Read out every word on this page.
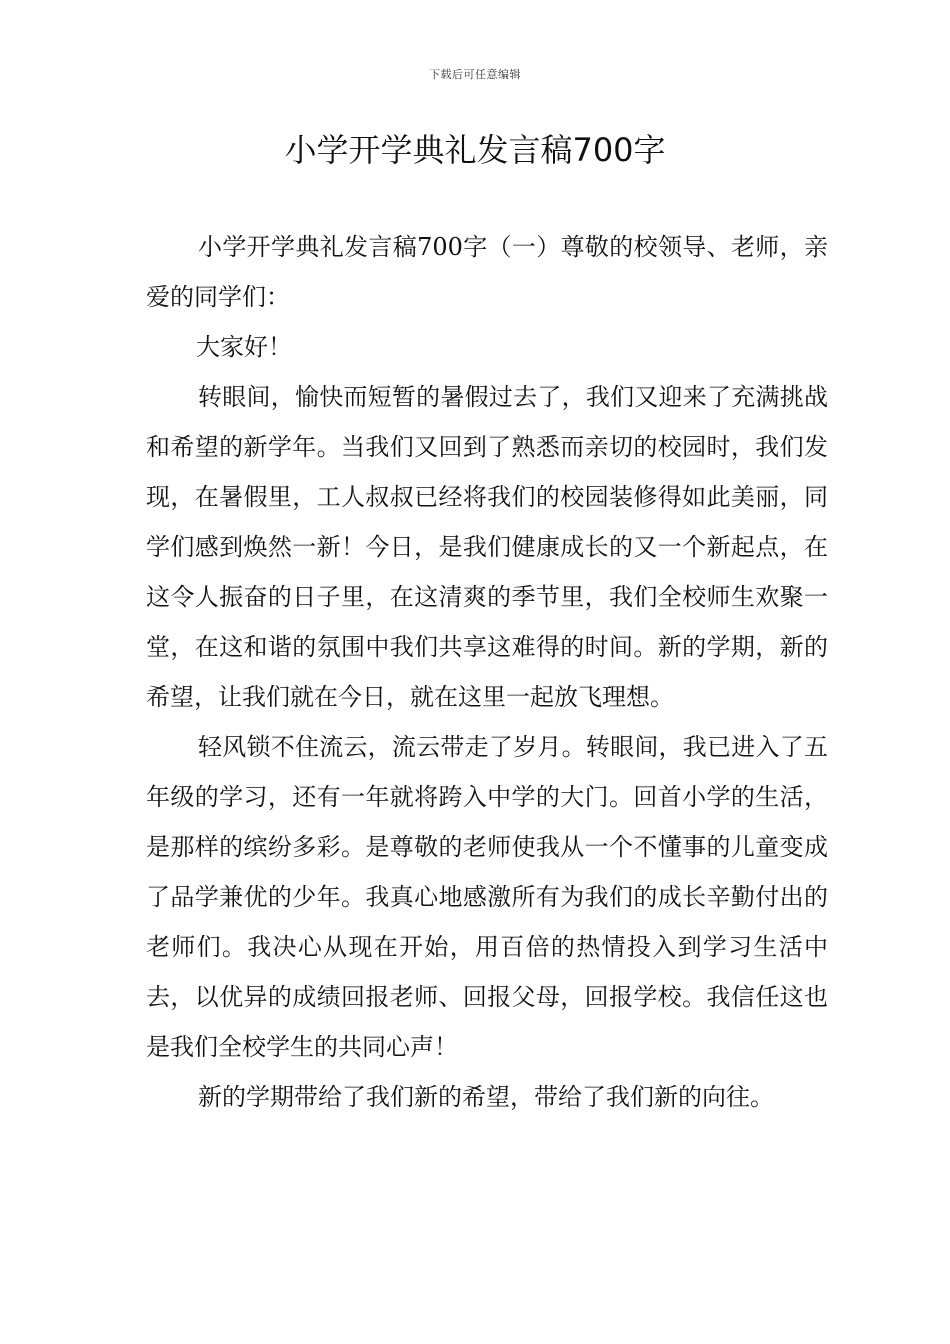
下载后可任意编辑
小学开学典礼发言稿700字

小学开学典礼发言稿700字（一）尊敬的校领导、老师，亲爱的同学们：

大家好！

转眼间，愉快而短暂的暑假过去了，我们又迎来了充满挑战和希望的新学年。当我们又回到了熟悉而亲切的校园时，我们发现，在暑假里，工人叔叔已经将我们的校园装修得如此美丽，同学们感到焕然一新！今日，是我们健康成长的又一个新起点，在这令人振奋的日子里，在这清爽的季节里，我们全校师生欢聚一堂，在这和谐的氛围中我们共享这难得的时间。新的学期，新的希望，让我们就在今日，就在这里一起放飞理想。

轻风锁不住流云，流云带走了岁月。转眼间，我已进入了五年级的学习，还有一年就将跨入中学的大门。回首小学的生活，是那样的缤纷多彩。是尊敬的老师使我从一个不懂事的儿童变成了品学兼优的少年。我真心地感激所有为我们的成长辛勤付出的老师们。我决心从现在开始，用百倍的热情投入到学习生活中去，以优异的成绩回报老师、回报父母，回报学校。我信任这也是我们全校学生的共同心声！

新的学期带给了我们新的希望，带给了我们新的向往。
